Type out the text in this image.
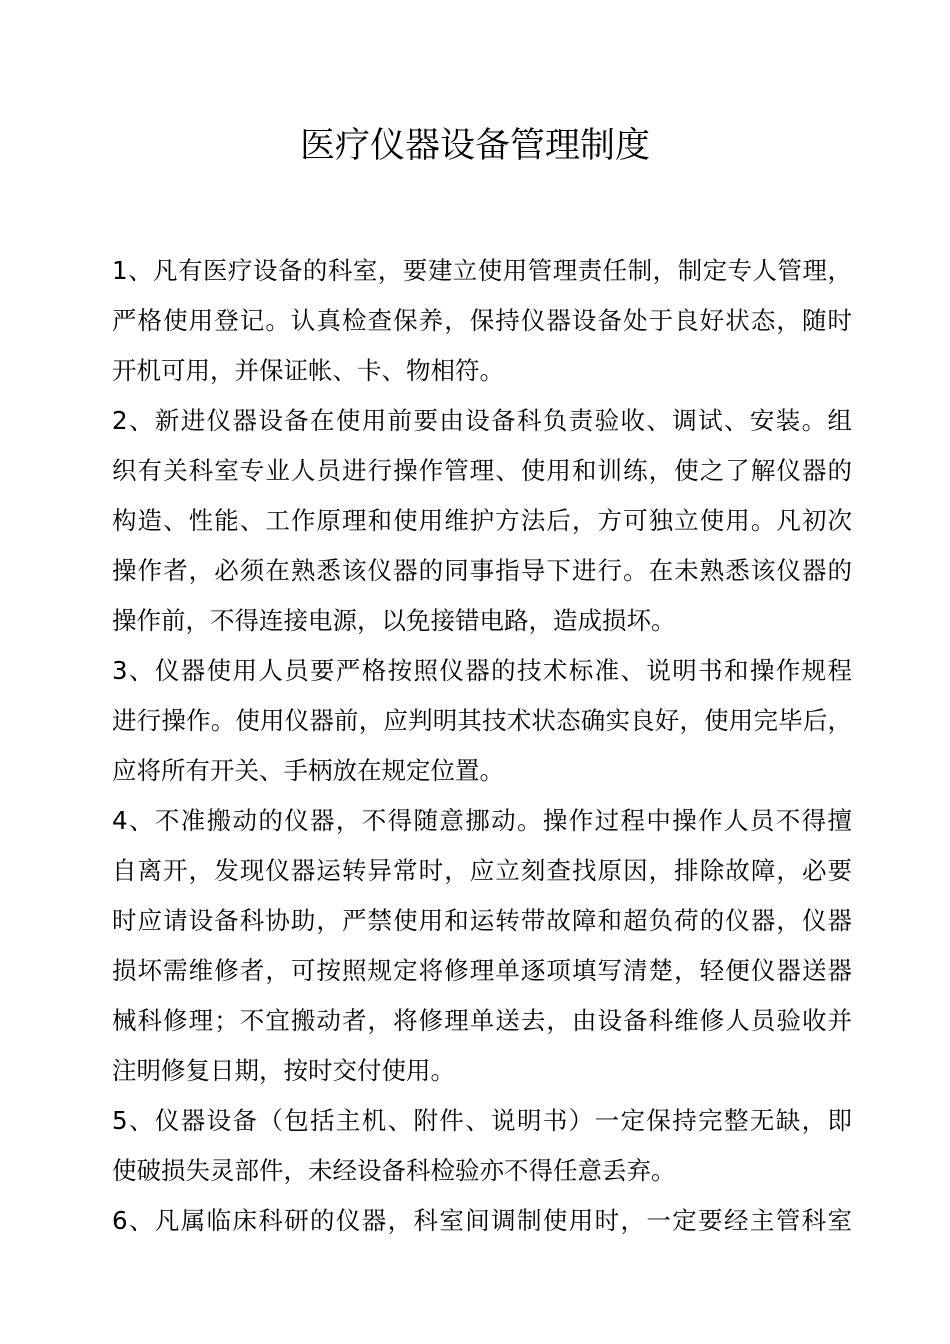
医疗仪器设备管理制度
1、凡有医疗设备的科室，要建立使用管理责任制，制定专人管理，
严格使用登记。认真检查保养，保持仪器设备处于良好状态，随时
开机可用，并保证帐、卡、物相符。
2、新进仪器设备在使用前要由设备科负责验收、调试、安装。组
织有关科室专业人员进行操作管理、使用和训练，使之了解仪器的
构造、性能、工作原理和使用维护方法后，方可独立使用。凡初次
操作者，必须在熟悉该仪器的同事指导下进行。在未熟悉该仪器的
操作前，不得连接电源，以免接错电路，造成损坏。
3、仪器使用人员要严格按照仪器的技术标准、说明书和操作规程
进行操作。使用仪器前，应判明其技术状态确实良好，使用完毕后，
应将所有开关、手柄放在规定位置。
4、不准搬动的仪器，不得随意挪动。操作过程中操作人员不得擅
自离开，发现仪器运转异常时，应立刻查找原因，排除故障，必要
时应请设备科协助，严禁使用和运转带故障和超负荷的仪器，仪器
损坏需维修者，可按照规定将修理单逐项填写清楚，轻便仪器送器
械科修理；不宜搬动者，将修理单送去，由设备科维修人员验收并
注明修复日期，按时交付使用。
5、仪器设备（包括主机、附件、说明书）一定保持完整无缺，即
使破损失灵部件，未经设备科检验亦不得任意丢弃。
6、凡属临床科研的仪器，科室间调制使用时，一定要经主管科室
